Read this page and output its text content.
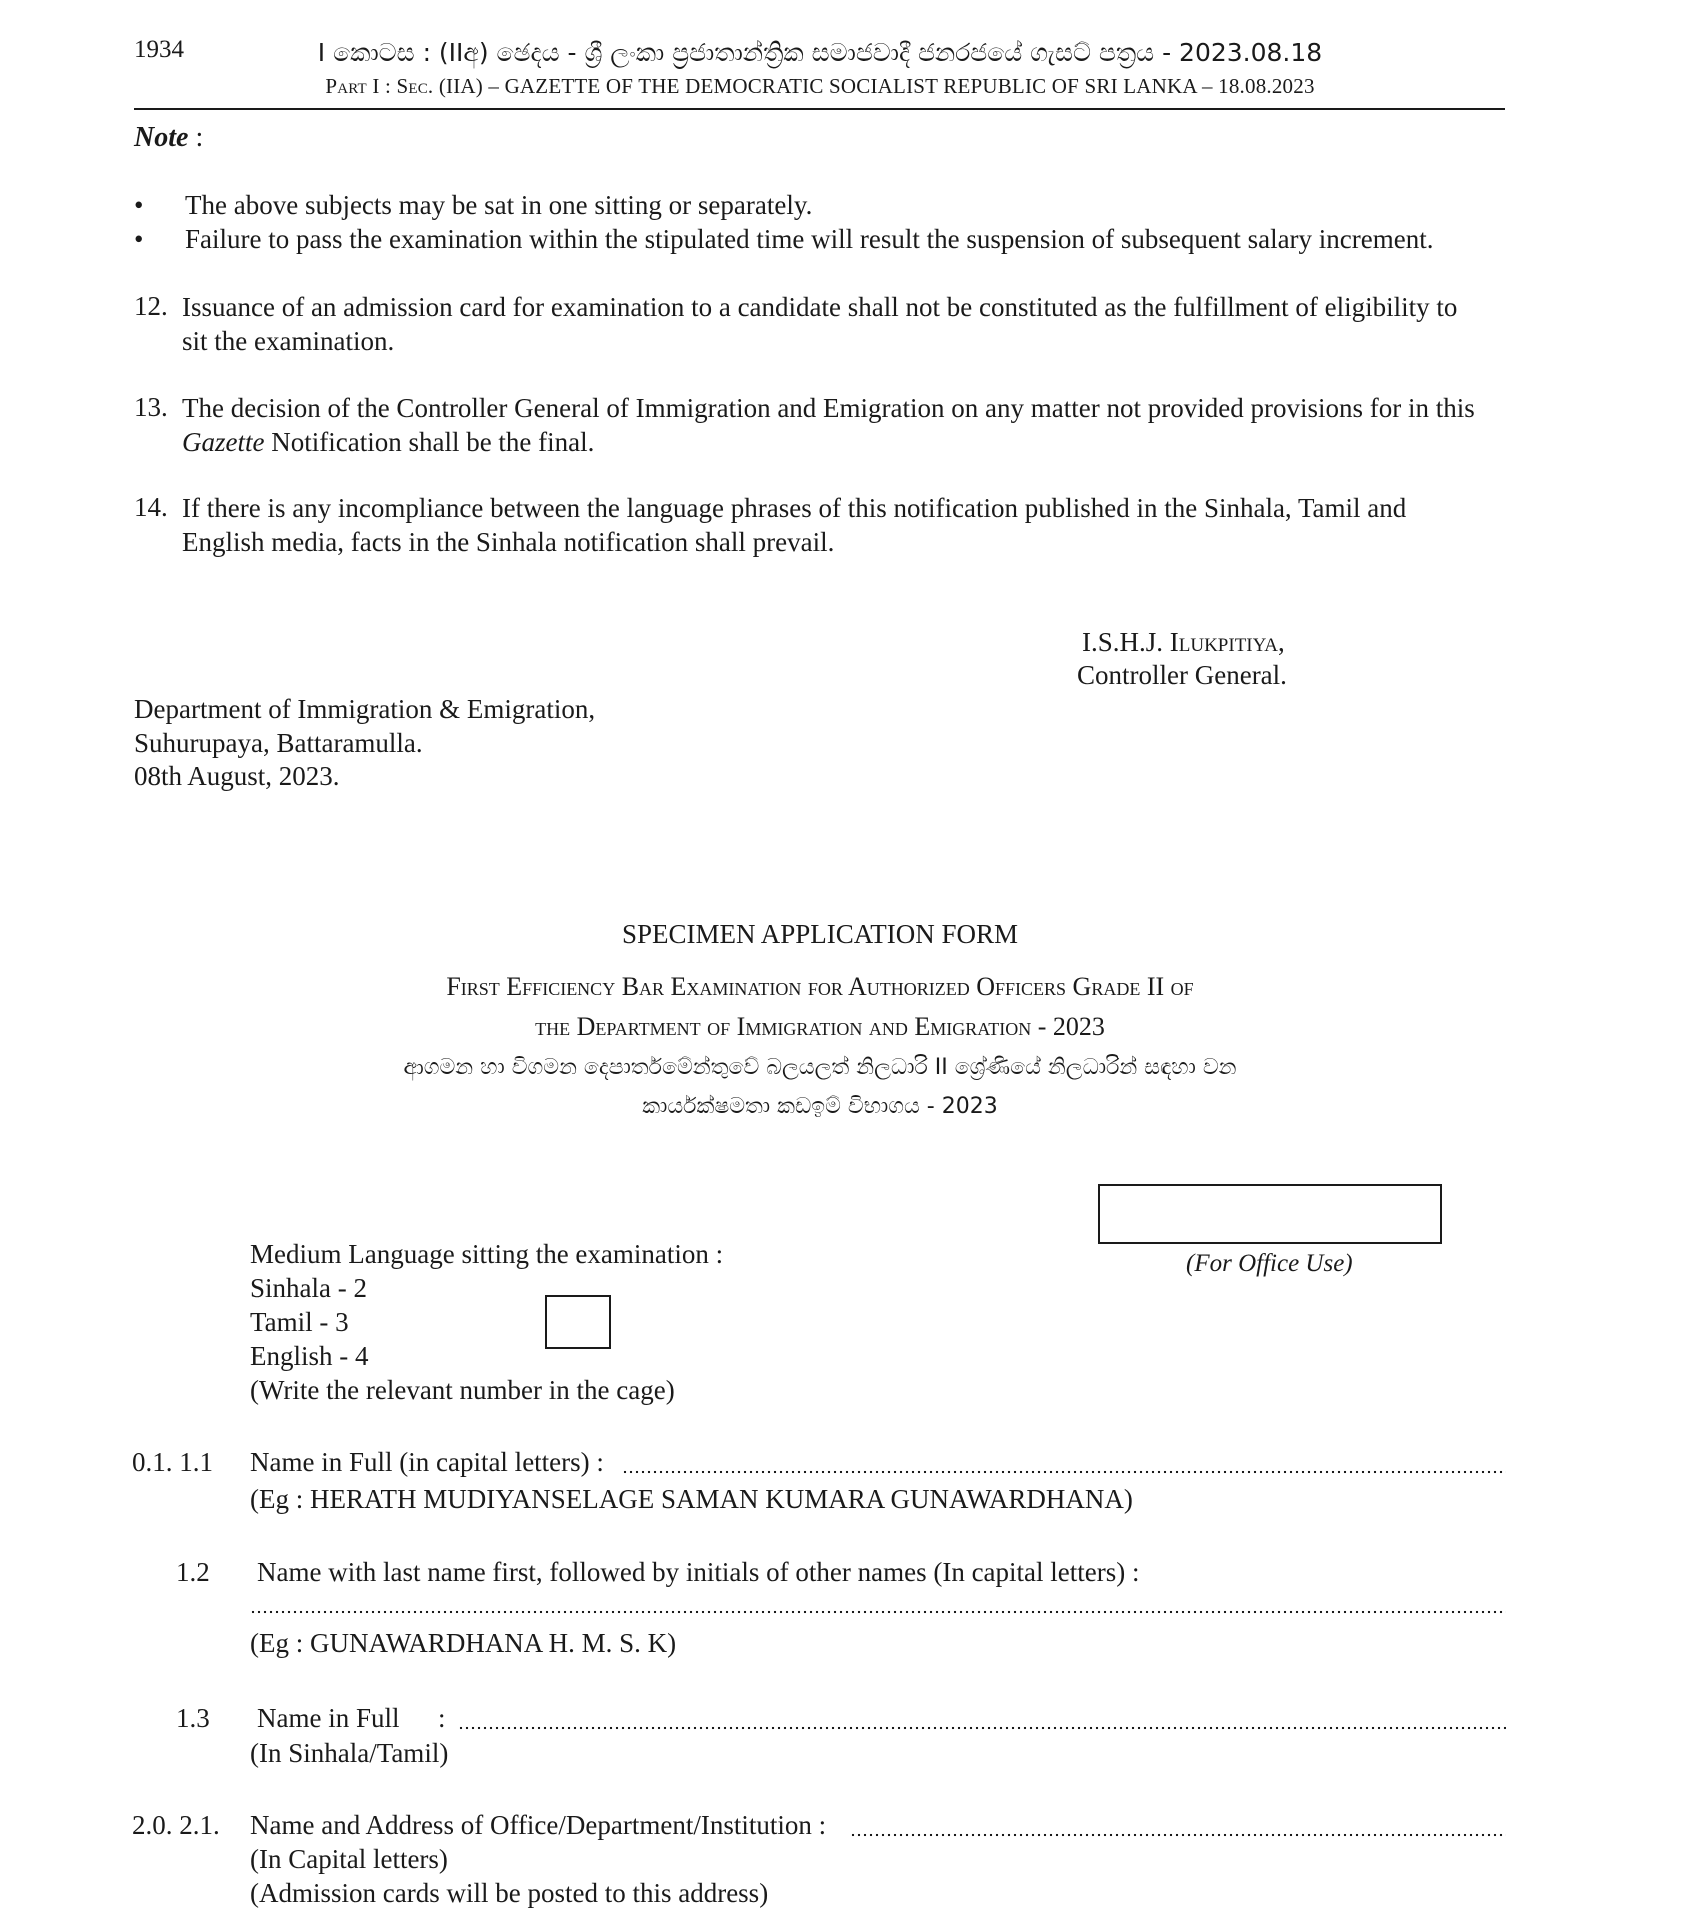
1934	I කොටස : (IIඅ) ඡෙදය - ශ්‍රී ලංකා ප්‍රජාතාන්ත්‍රික සමාජවාදී ජනරජයේ ගැසට් පත්‍රය - 2023.08.18
Part I : Sec. (IIA) – GAZETTE OF THE DEMOCRATIC SOCIALIST REPUBLIC OF SRI LANKA – 18.08.2023
Note :
• The above subjects may be sat in one sitting or separately.
• Failure to pass the examination within the stipulated time will result the suspension of subsequent salary increment.
12. Issuance of an admission card for examination to a candidate shall not be constituted as the fulfillment of eligibility to
sit the examination.
13. The decision of the Controller General of Immigration and Emigration on any matter not provided provisions for in this
Gazette Notification shall be the final.
14. If there is any incompliance between the language phrases of this notification published in the Sinhala, Tamil and
English media, facts in the Sinhala notification shall prevail.
I.S.H.J. Ilukpitiya,
Controller General.
Department of Immigration & Emigration,
Suhurupaya, Battaramulla.
08th August, 2023.
SPECIMEN APPLICATION FORM
First Efficiency Bar Examination for Authorized Officers Grade II of
the Department of Immigration and Emigration - 2023
ආගමන හා විගමන දෙපාර්තමේන්තුවේ බලයලත් නිලධාරි II ශ්‍රේණියේ නිලධාරින් සඳහා වන
කාර්යක්ෂමතා කඩඉම් විභාගය - 2023
(For Office Use)
Medium Language sitting the examination :
Sinhala - 2
Tamil - 3
English - 4
(Write the relevant number in the cage)
0.1. 1.1 Name in Full (in capital letters) :
(Eg : HERATH MUDIYANSELAGE SAMAN KUMARA GUNAWARDHANA)
1.2 Name with last name first, followed by initials of other names (In capital letters) :
(Eg : GUNAWARDHANA H. M. S. K)
1.3 Name in Full :
(In Sinhala/Tamil)
2.0. 2.1. Name and Address of Office/Department/Institution :
(In Capital letters)
(Admission cards will be posted to this address)
